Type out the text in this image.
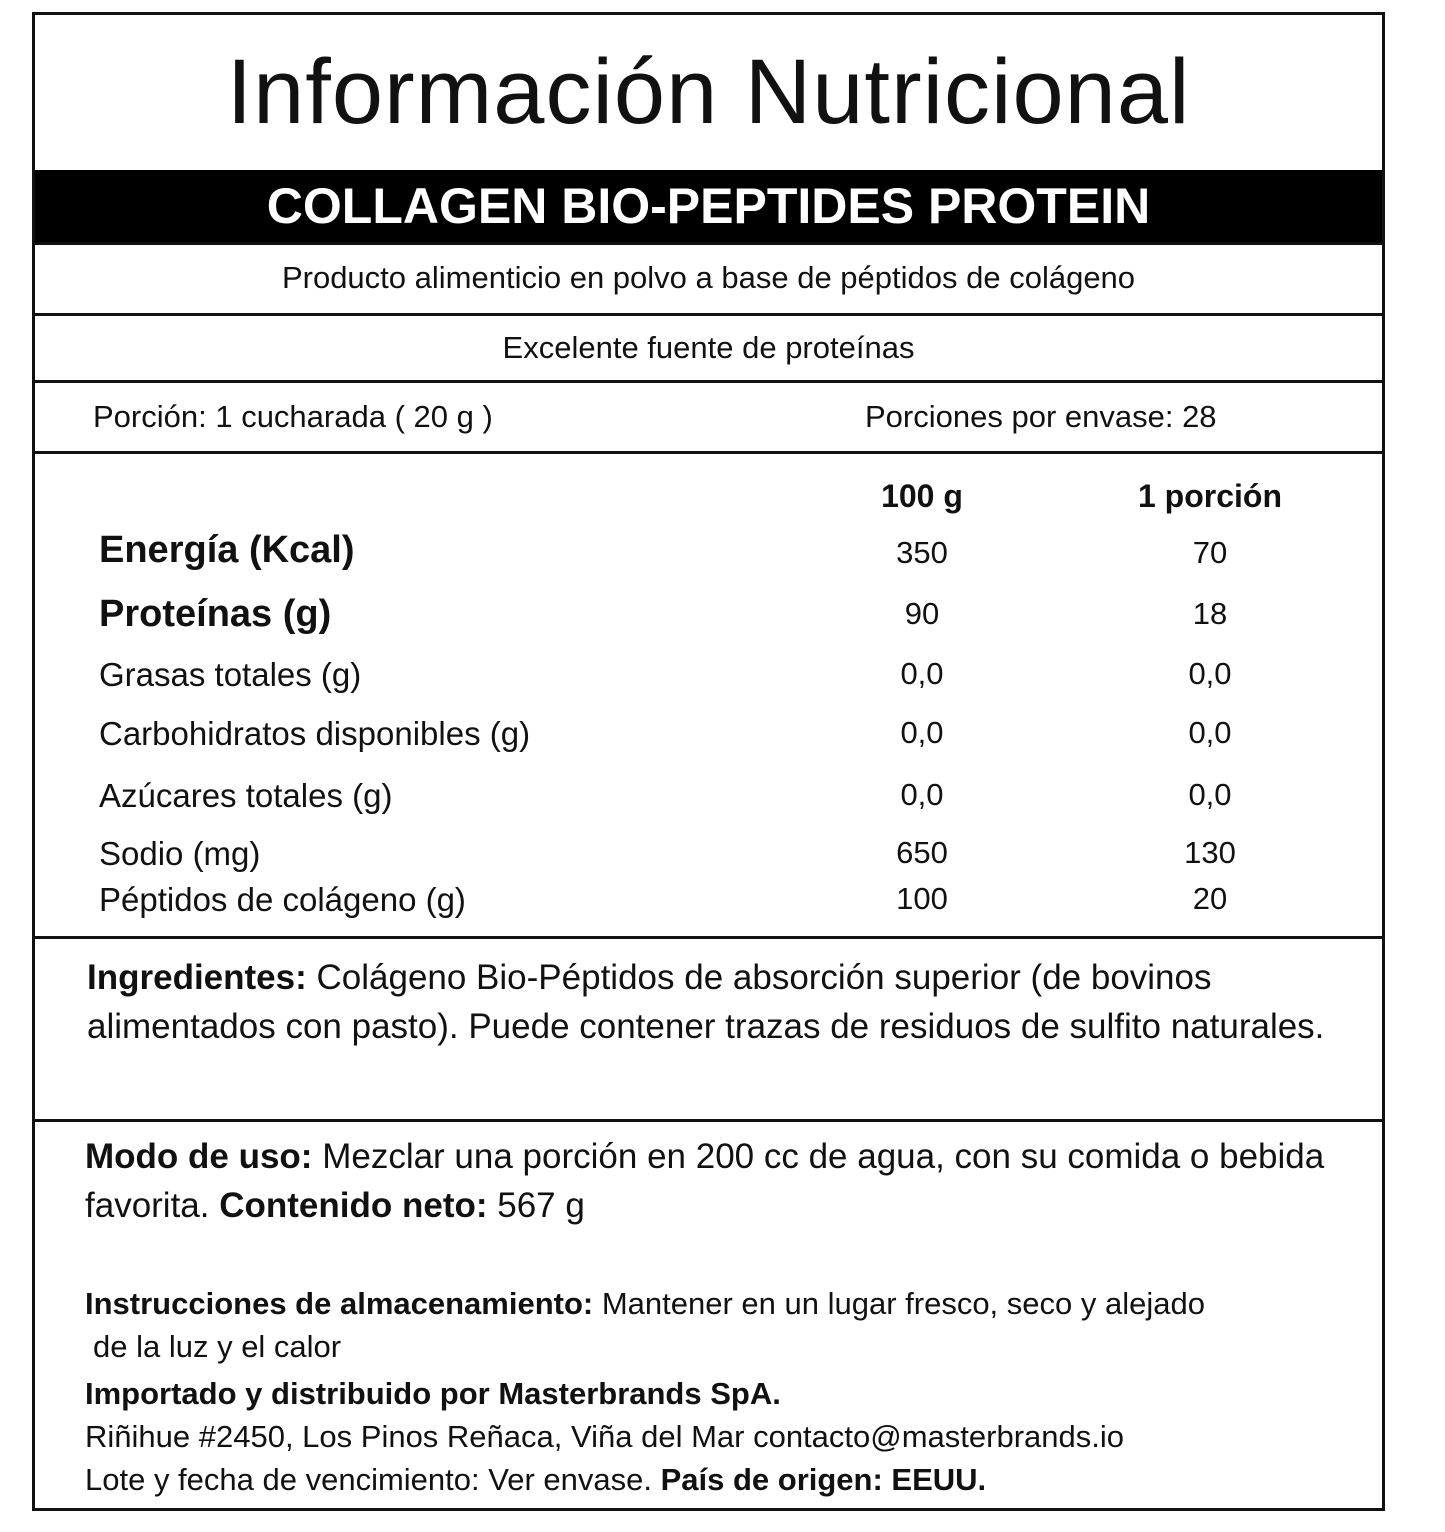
Información Nutricional
COLLAGEN BIO-PEPTIDES PROTEIN
Producto alimenticio en polvo a base de péptidos de colágeno
Excelente fuente de proteínas
Porción: 1 cucharada ( 20 g )	Porciones por envase: 28
100 g	1 porción
Energía (Kcal)	350	70
Proteínas (g)	90	18
Grasas totales (g)	0,0	0,0
Carbohidratos disponibles (g)	0,0	0,0
Azúcares totales (g)	0,0	0,0
Sodio (mg)	650	130
Péptidos de colágeno (g)	100	20

Ingredientes: Colágeno Bio-Péptidos de absorción superior (de bovinos alimentados con pasto). Puede contener trazas de residuos de sulfito naturales.

Modo de uso: Mezclar una porción en 200 cc de agua, con su comida o bebida favorita. Contenido neto: 567 g

Instrucciones de almacenamiento: Mantener en un lugar fresco, seco y alejado
de la luz y el calor

Importado y distribuido por Masterbrands SpA.
Riñihue #2450, Los Pinos Reñaca, Viña del Mar contacto@masterbrands.io
Lote y fecha de vencimiento: Ver envase. País de origen: EEUU.
